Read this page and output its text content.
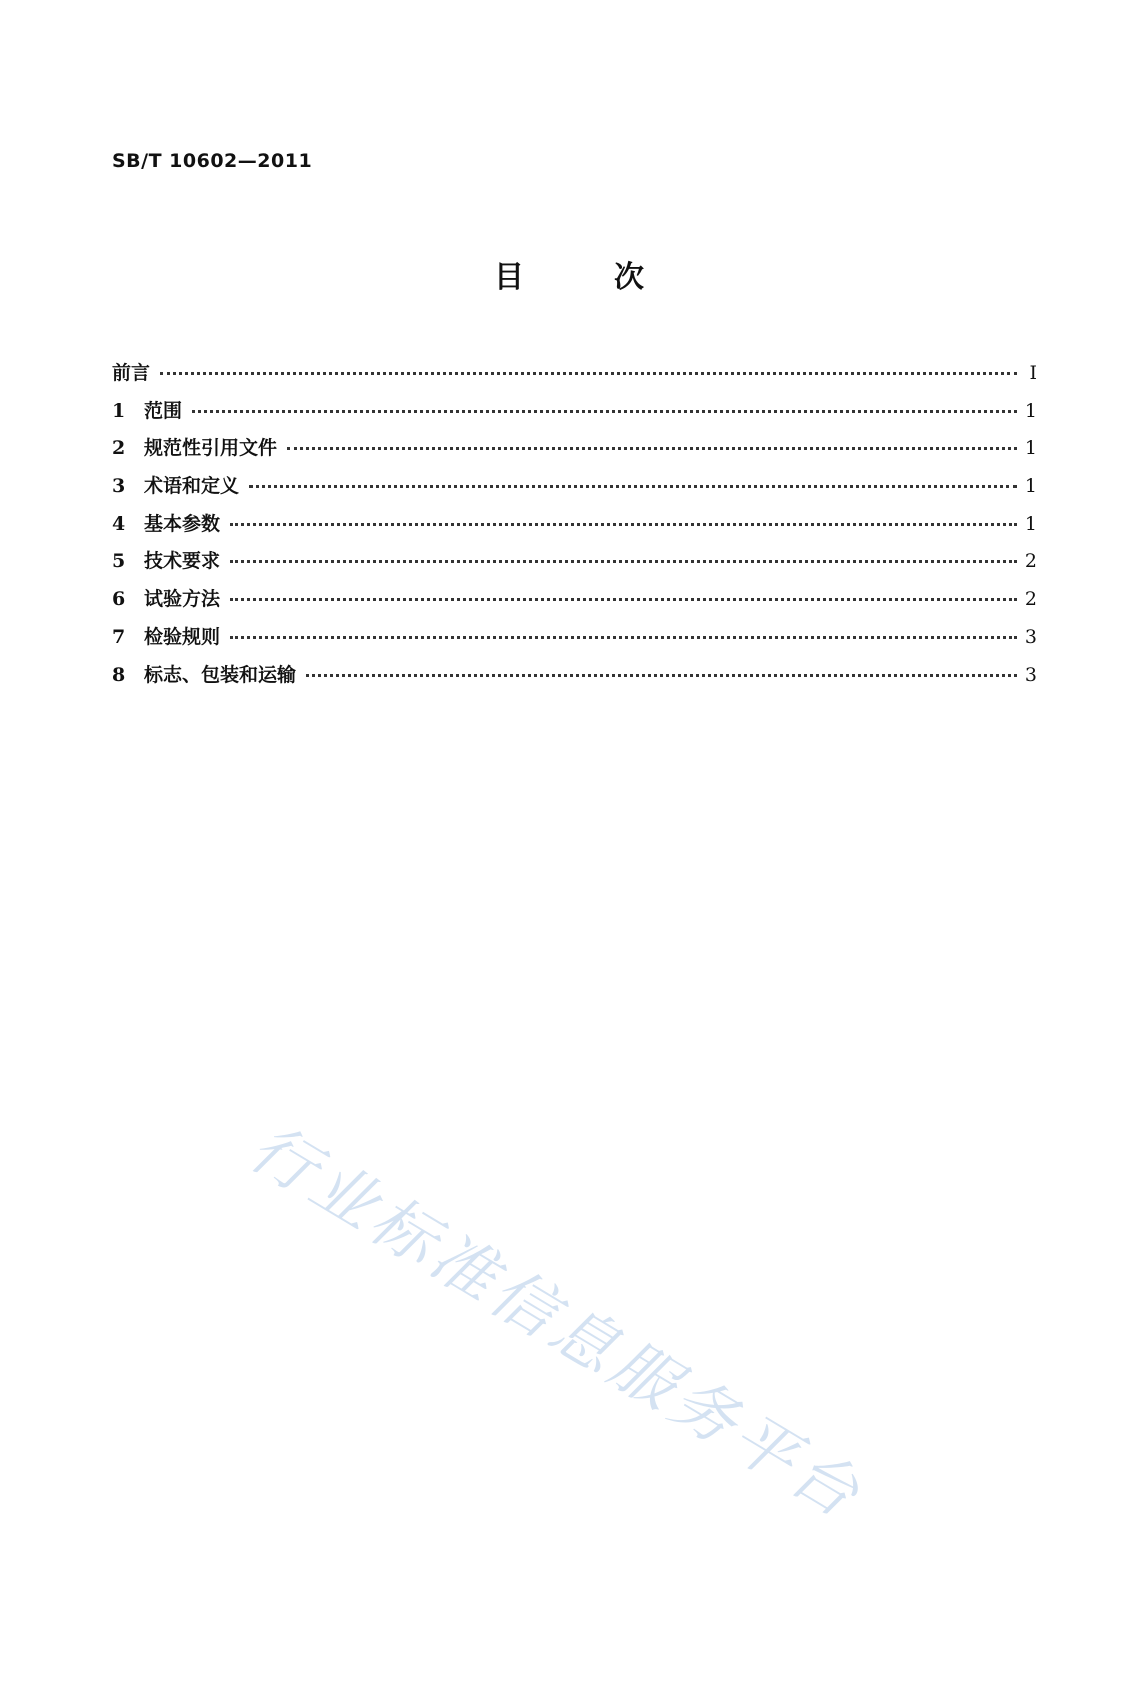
SB/T 10602—2011
目	次
前言	I
1 范围	1
2 规范性引用文件	1
3 术语和定义	1
4 基本参数	1
5 技术要求	2
6 试验方法	2
7 检验规则	3
8 标志、包装和运输	3
行业标准信息服务平台
